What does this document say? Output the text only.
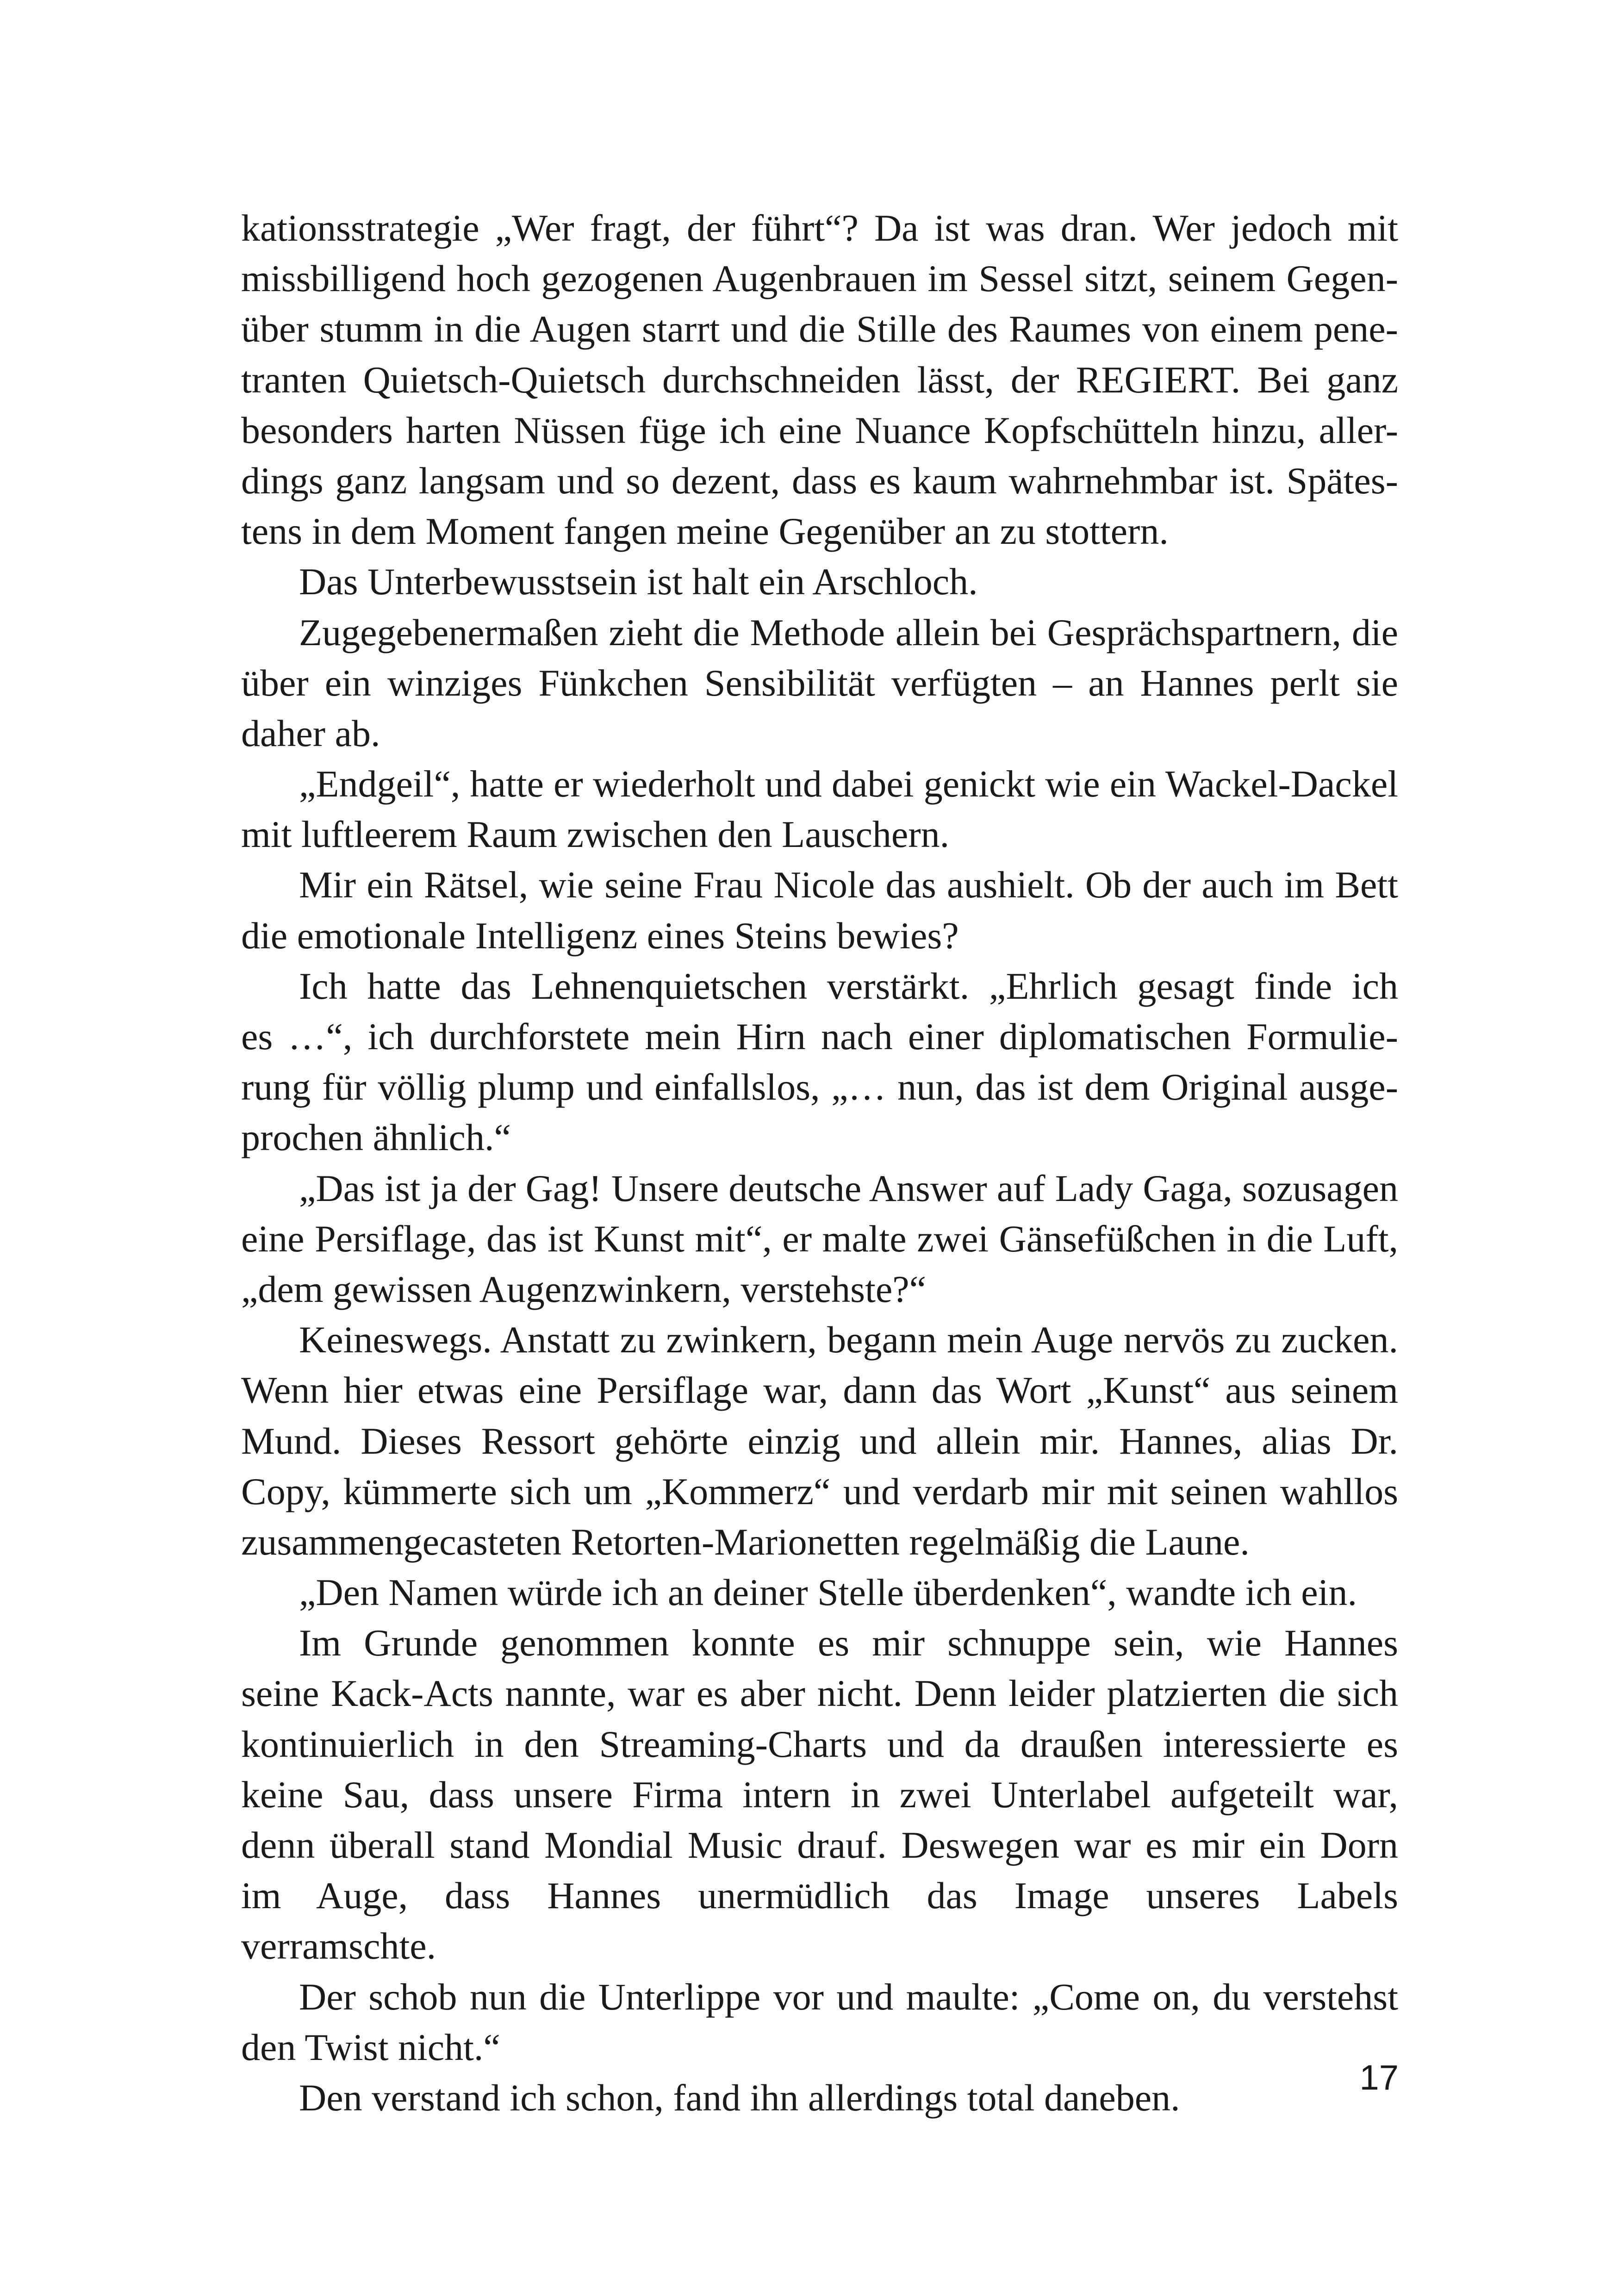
kationsstrategie „Wer fragt, der führt“? Da ist was dran. Wer jedoch mit
missbilligend hoch gezogenen Augenbrauen im Sessel sitzt, seinem Gegen-
über stumm in die Augen starrt und die Stille des Raumes von einem pene-
tranten Quietsch-Quietsch durchschneiden lässt, der REGIERT. Bei ganz
besonders harten Nüssen füge ich eine Nuance Kopfschütteln hinzu, aller-
dings ganz langsam und so dezent, dass es kaum wahrnehmbar ist. Spätes-
tens in dem Moment fangen meine Gegenüber an zu stottern.
Das Unterbewusstsein ist halt ein Arschloch.
Zugegebenermaßen zieht die Methode allein bei Gesprächspartnern, die
über ein winziges Fünkchen Sensibilität verfügten – an Hannes perlt sie
daher ab.
„Endgeil“, hatte er wiederholt und dabei genickt wie ein Wackel-Dackel
mit luftleerem Raum zwischen den Lauschern.
Mir ein Rätsel, wie seine Frau Nicole das aushielt. Ob der auch im Bett
die emotionale Intelligenz eines Steins bewies?
Ich hatte das Lehnenquietschen verstärkt. „Ehrlich gesagt finde ich
es …“, ich durchforstete mein Hirn nach einer diplomatischen Formulie-
rung für völlig plump und einfallslos, „… nun, das ist dem Original ausge-
prochen ähnlich.“
„Das ist ja der Gag! Unsere deutsche Answer auf Lady Gaga, sozusagen
eine Persiflage, das ist Kunst mit“, er malte zwei Gänsefüßchen in die Luft,
„dem gewissen Augenzwinkern, verstehste?“
Keineswegs. Anstatt zu zwinkern, begann mein Auge nervös zu zucken.
Wenn hier etwas eine Persiflage war, dann das Wort „Kunst“ aus seinem
Mund. Dieses Ressort gehörte einzig und allein mir. Hannes, alias Dr.
Copy, kümmerte sich um „Kommerz“ und verdarb mir mit seinen wahllos
zusammengecasteten Retorten-Marionetten regelmäßig die Laune.
„Den Namen würde ich an deiner Stelle überdenken“, wandte ich ein.
Im Grunde genommen konnte es mir schnuppe sein, wie Hannes
seine Kack-Acts nannte, war es aber nicht. Denn leider platzierten die sich
kontinuierlich in den Streaming-Charts und da draußen interessierte es
keine Sau, dass unsere Firma intern in zwei Unterlabel aufgeteilt war,
denn überall stand Mondial Music drauf. Deswegen war es mir ein Dorn
im Auge, dass Hannes unermüdlich das Image unseres Labels
verramschte.
Der schob nun die Unterlippe vor und maulte: „Come on, du verstehst
den Twist nicht.“
Den verstand ich schon, fand ihn allerdings total daneben.	17
